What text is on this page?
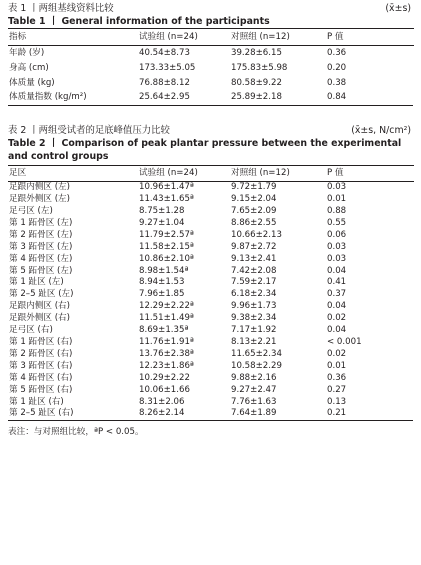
表 1 丨两组基线资料比较	(x̄±s)
Table 1 丨 General information of the participants
指标	试验组 (n=24)	对照组 (n=12)	P 值
年龄 (岁)	40.54±8.73	39.28±6.15	0.36
身高 (cm)	173.33±5.05	175.83±5.98	0.20
体质量 (kg)	76.88±8.12	80.58±9.22	0.38
体质量指数 (kg/m²)	25.64±2.95	25.89±2.18	0.84
表 2 丨两组受试者的足底峰值压力比较	(x̄±s, N/cm²)
Table 2 丨 Comparison of peak plantar pressure between the experimental and control groups
足区	试验组 (n=24)	对照组 (n=12)	P 值
足跟内侧区 (左)	10.96±1.47ª	9.72±1.79	0.03
足跟外侧区 (左)	11.43±1.65ª	9.15±2.04	0.01
足弓区 (左)	8.75±1.28	7.65±2.09	0.88
第 1 跖骨区 (左)	9.27±1.04	8.86±2.55	0.55
第 2 跖骨区 (左)	11.79±2.57ª	10.66±2.13	0.06
第 3 跖骨区 (左)	11.58±2.15ª	9.87±2.72	0.03
第 4 跖骨区 (左)	10.86±2.10ª	9.13±2.41	0.03
第 5 跖骨区 (左)	8.98±1.54ª	7.42±2.08	0.04
第 1 趾区 (左)	8.94±1.53	7.59±2.17	0.41
第 2–5 趾区 (左)	7.96±1.85	6.18±2.34	0.37
足跟内侧区 (右)	12.29±2.22ª	9.96±1.73	0.04
足跟外侧区 (右)	11.51±1.49ª	9.38±2.34	0.02
足弓区 (右)	8.69±1.35ª	7.17±1.92	0.04
第 1 跖骨区 (右)	11.76±1.91ª	8.13±2.21	< 0.001
第 2 跖骨区 (右)	13.76±2.38ª	11.65±2.34	0.02
第 3 跖骨区 (右)	12.23±1.86ª	10.58±2.29	0.01
第 4 跖骨区 (右)	10.29±2.22	9.88±2.16	0.36
第 5 跖骨区 (右)	10.06±1.66	9.27±2.47	0.27
第 1 趾区 (右)	8.31±2.06	7.76±1.63	0.13
第 2–5 趾区 (右)	8.26±2.14	7.64±1.89	0.21
表注：与对照组比较，ªP < 0.05。
